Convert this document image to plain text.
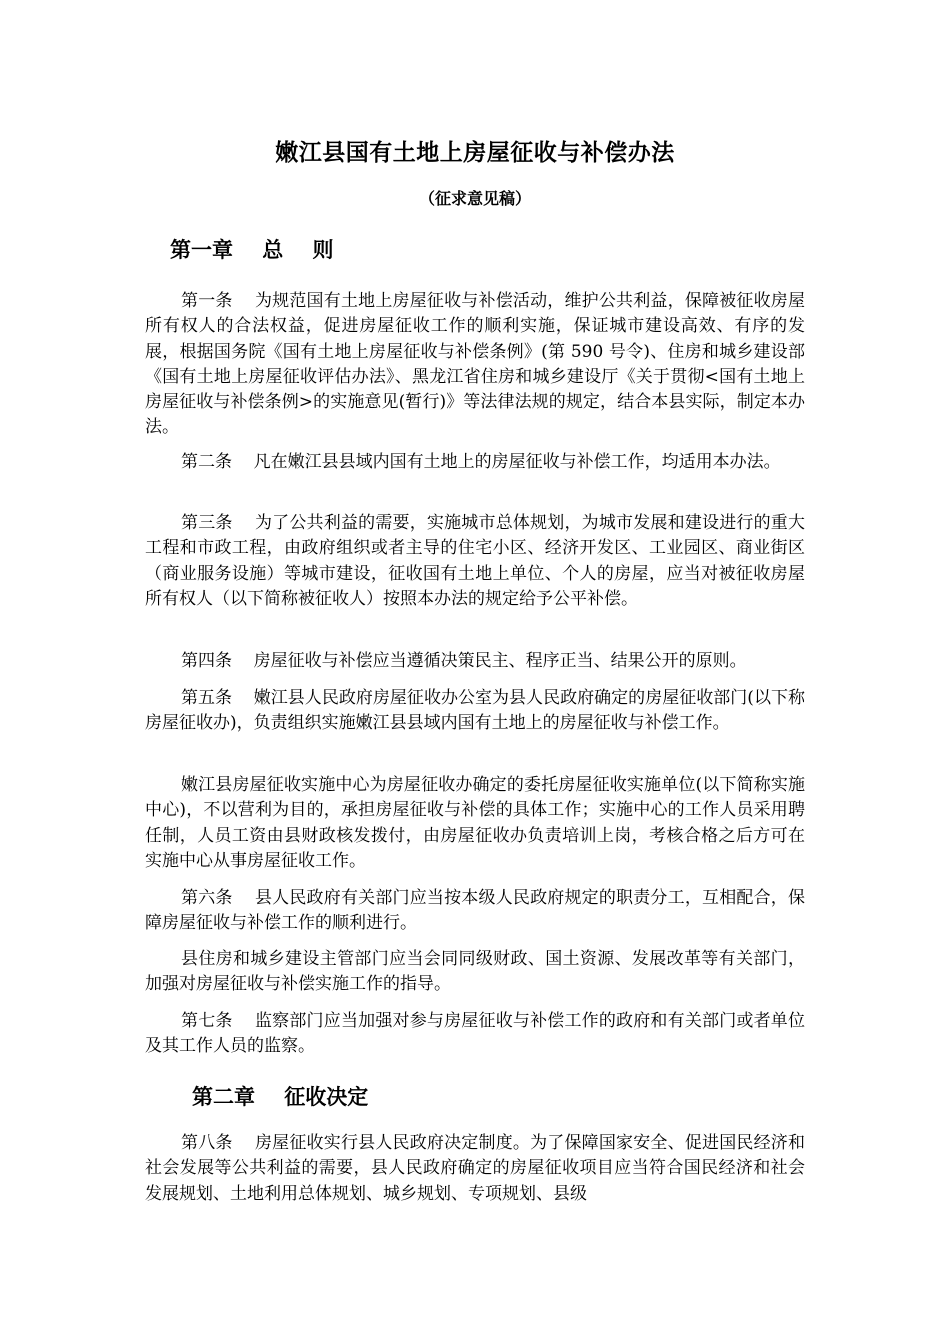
嫩江县国有土地上房屋征收与补偿办法
（征求意见稿）
第一章    总    则
第一条    为规范国有土地上房屋征收与补偿活动，维护公共利益，保障被征收房屋所有权人的合法权益，促进房屋征收工作的顺利实施，保证城市建设高效、有序的发展，根据国务院《国有土地上房屋征收与补偿条例》(第 590 号令)、住房和城乡建设部《国有土地上房屋征收评估办法》、黑龙江省住房和城乡建设厅《关于贯彻<国有土地上房屋征收与补偿条例>的实施意见(暂行)》等法律法规的规定，结合本县实际，制定本办法。
第二条    凡在嫩江县县域内国有土地上的房屋征收与补偿工作，均适用本办法。
第三条    为了公共利益的需要，实施城市总体规划，为城市发展和建设进行的重大工程和市政工程，由政府组织或者主导的住宅小区、经济开发区、工业园区、商业街区（商业服务设施）等城市建设，征收国有土地上单位、个人的房屋，应当对被征收房屋所有权人（以下简称被征收人）按照本办法的规定给予公平补偿。
第四条    房屋征收与补偿应当遵循决策民主、程序正当、结果公开的原则。
第五条    嫩江县人民政府房屋征收办公室为县人民政府确定的房屋征收部门(以下称房屋征收办)，负责组织实施嫩江县县域内国有土地上的房屋征收与补偿工作。
嫩江县房屋征收实施中心为房屋征收办确定的委托房屋征收实施单位(以下简称实施中心)，不以营利为目的，承担房屋征收与补偿的具体工作；实施中心的工作人员采用聘任制，人员工资由县财政核发拨付，由房屋征收办负责培训上岗，考核合格之后方可在实施中心从事房屋征收工作。
第六条    县人民政府有关部门应当按本级人民政府规定的职责分工，互相配合，保障房屋征收与补偿工作的顺利进行。
县住房和城乡建设主管部门应当会同同级财政、国土资源、发展改革等有关部门，加强对房屋征收与补偿实施工作的指导。
第七条    监察部门应当加强对参与房屋征收与补偿工作的政府和有关部门或者单位及其工作人员的监察。
第二章    征收决定
第八条    房屋征收实行县人民政府决定制度。为了保障国家安全、促进国民经济和社会发展等公共利益的需要，县人民政府确定的房屋征收项目应当符合国民经济和社会发展规划、土地利用总体规划、城乡规划、专项规划、县级
